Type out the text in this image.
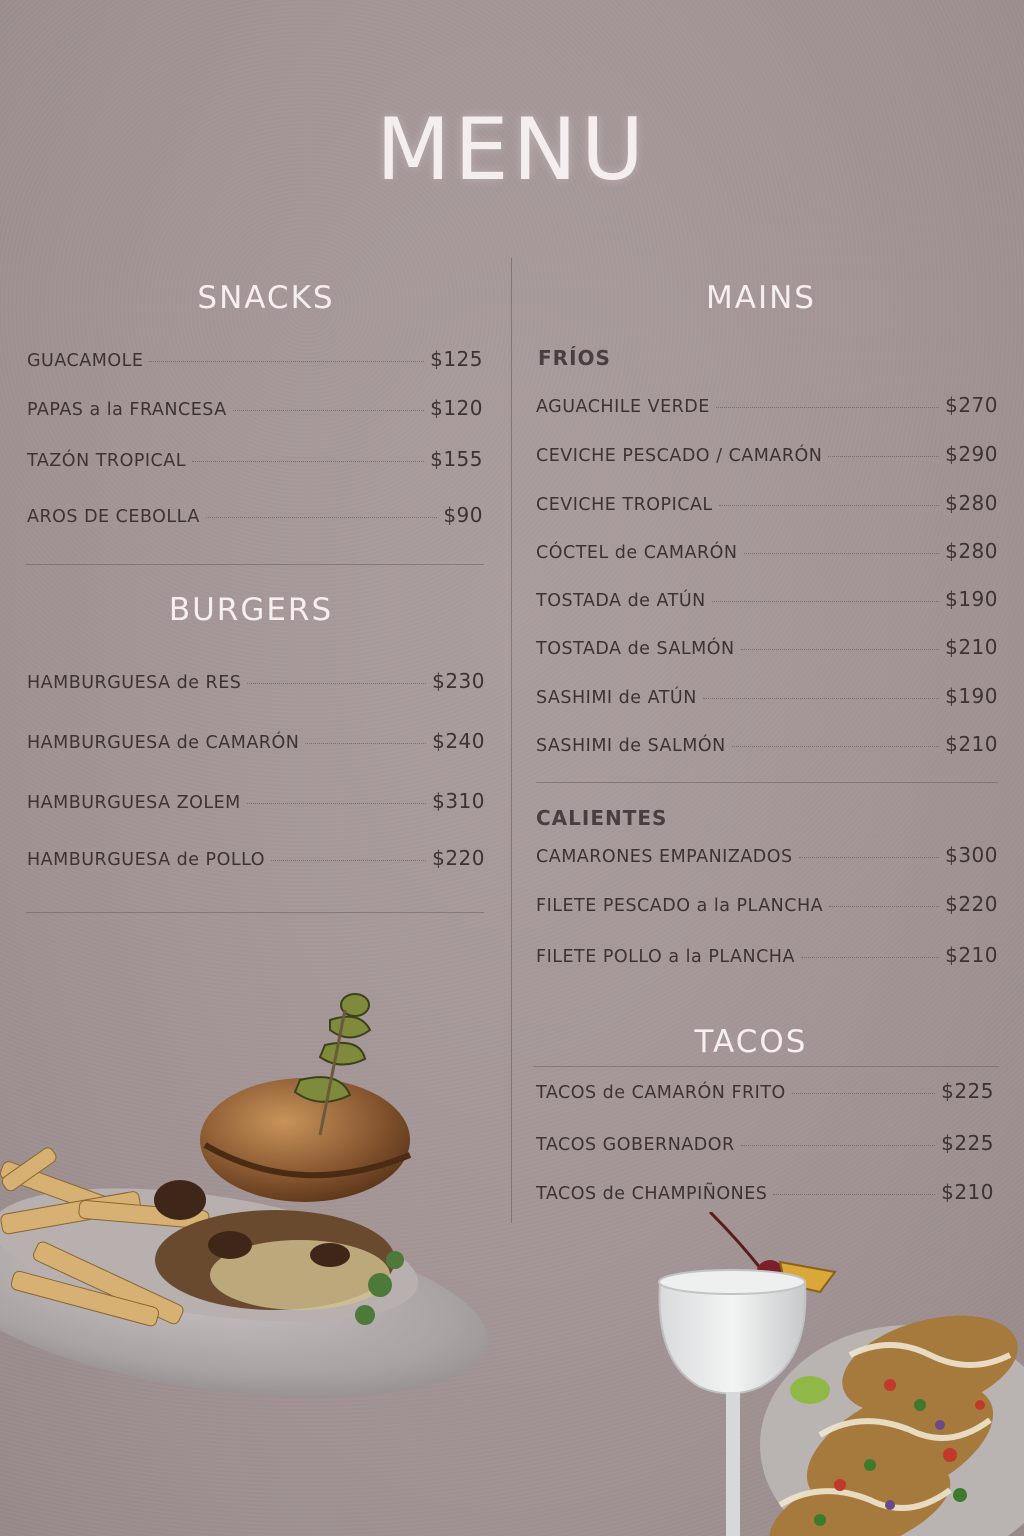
MENU
SNACKS
GUACAMOLE	$125
PAPAS a la FRANCESA	$120
TAZÓN TROPICAL	$155
AROS DE CEBOLLA	$90
BURGERS
HAMBURGUESA de RES	$230
HAMBURGUESA de CAMARÓN	$240
HAMBURGUESA ZOLEM	$310
HAMBURGUESA de POLLO	$220
MAINS
FRÍOS
AGUACHILE VERDE	$270
CEVICHE PESCADO / CAMARÓN	$290
CEVICHE TROPICAL	$280
CÓCTEL de CAMARÓN	$280
TOSTADA de ATÚN	$190
TOSTADA de SALMÓN	$210
SASHIMI de ATÚN	$190
SASHIMI de SALMÓN	$210
CALIENTES
CAMARONES EMPANIZADOS	$300
FILETE PESCADO a la PLANCHA	$220
FILETE POLLO a la PLANCHA	$210
TACOS
TACOS de CAMARÓN FRITO	$225
TACOS GOBERNADOR	$225
TACOS de CHAMPIÑONES	$210
